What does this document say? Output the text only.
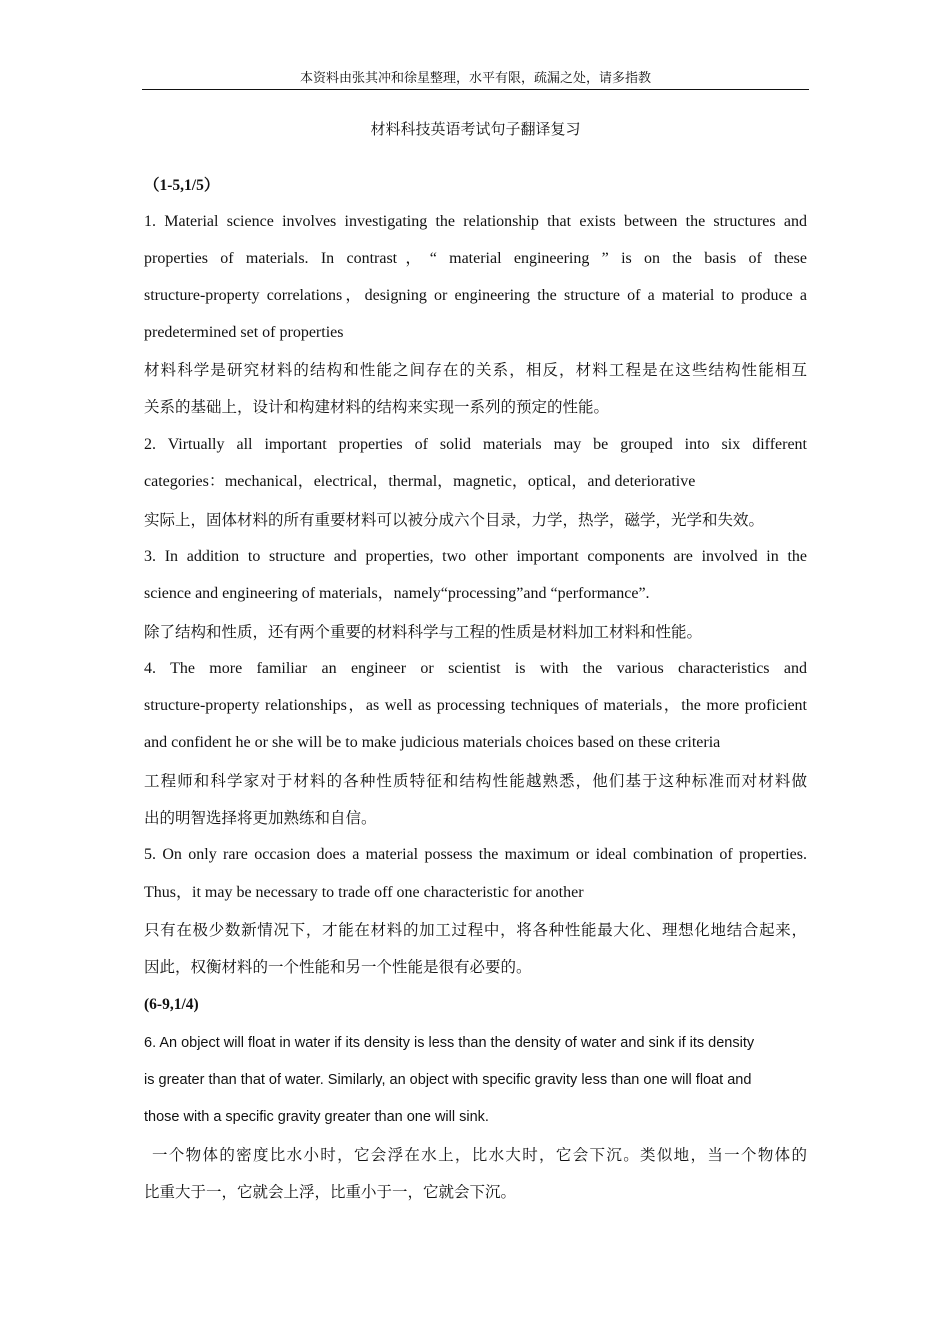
本资料由张其冲和徐星整理，水平有限，疏漏之处，请多指教
材料科技英语考试句子翻译复习
（1-5,1/5）
1. Material science involves investigating the relationship that exists between the structures and
properties of materials. In contrast，“ material engineering ” is on the basis of these
structure-property correlations，designing or engineering the structure of a material to produce a
predetermined set of properties
材料科学是研究材料的结构和性能之间存在的关系，相反，材料工程是在这些结构性能相互
关系的基础上，设计和构建材料的结构来实现一系列的预定的性能。
2. Virtually all important properties of solid materials may be grouped into six different
categories：mechanical，electrical，thermal，magnetic，optical，and deteriorative
实际上，固体材料的所有重要材料可以被分成六个目录，力学，热学，磁学，光学和失效。
3. In addition to structure and properties, two other important components are involved in the
science and engineering of materials，namely“processing”and “performance”.
除了结构和性质，还有两个重要的材料科学与工程的性质是材料加工材料和性能。
4. The more familiar an engineer or scientist is with the various characteristics and
structure-property relationships，as well as processing techniques of materials，the more proficient
and confident he or she will be to make judicious materials choices based on these criteria
工程师和科学家对于材料的各种性质特征和结构性能越熟悉，他们基于这种标准而对材料做
出的明智选择将更加熟练和自信。
5. On only rare occasion does a material possess the maximum or ideal combination of properties.
Thus，it may be necessary to trade off one characteristic for another
只有在极少数新情况下，才能在材料的加工过程中，将各种性能最大化、理想化地结合起来，
因此，权衡材料的一个性能和另一个性能是很有必要的。
(6-9,1/4)
6. An object will float in water if its density is less than the density of water and sink if its density
is greater than that of water. Similarly, an object with specific gravity less than one will float and
those with a specific gravity greater than one will sink.
一个物体的密度比水小时，它会浮在水上，比水大时，它会下沉。类似地，当一个物体的
比重大于一，它就会上浮，比重小于一，它就会下沉。
